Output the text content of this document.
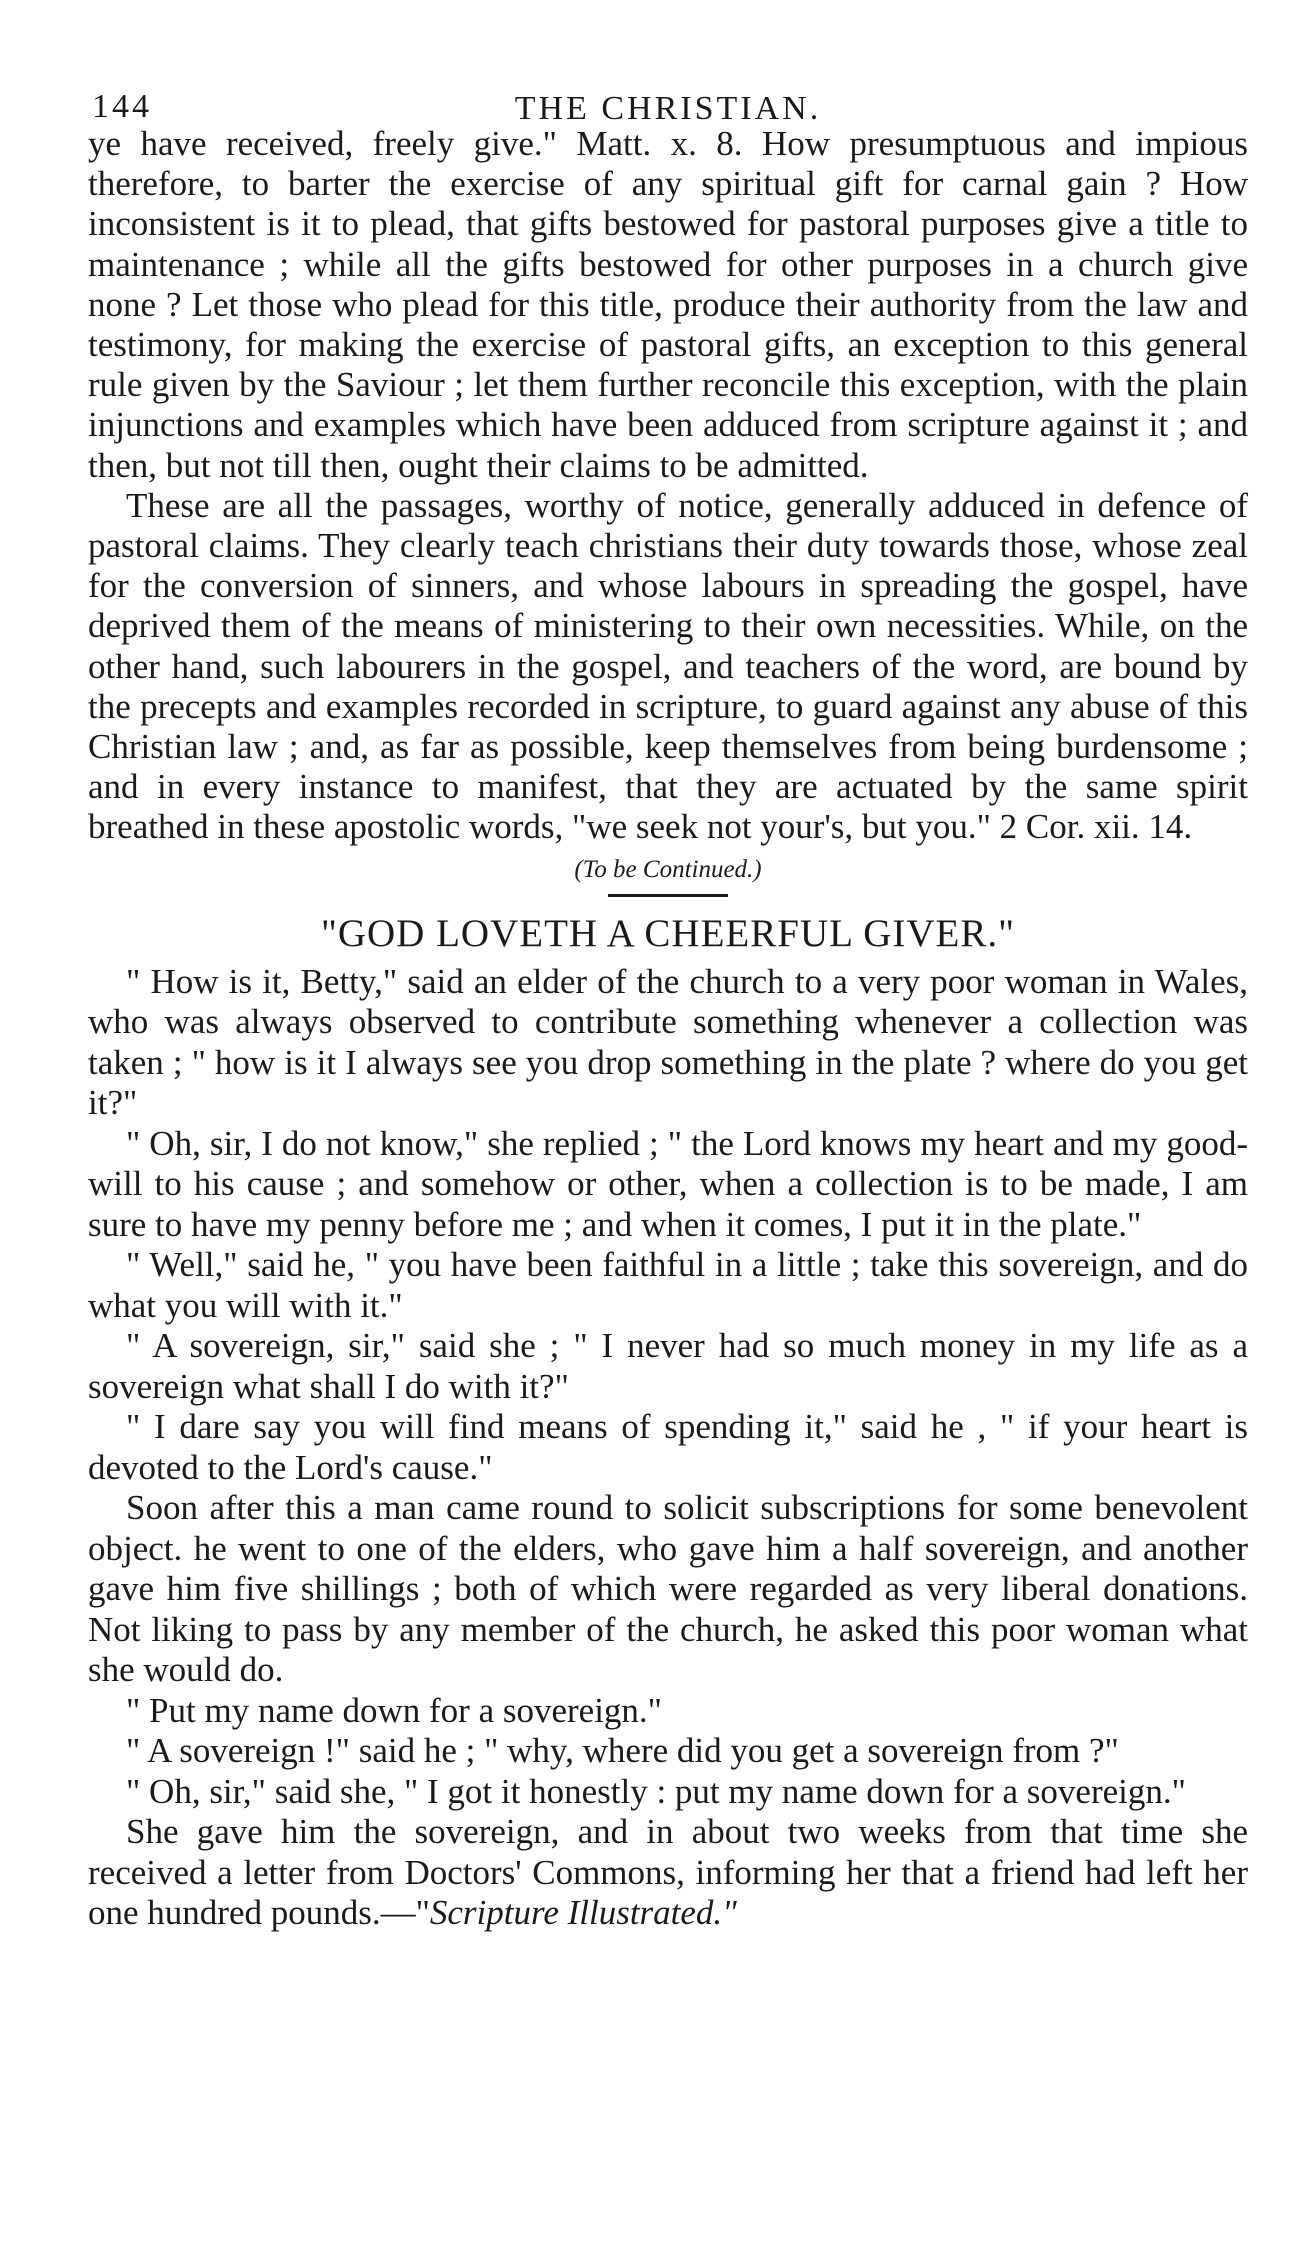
144	THE CHRISTIAN.

ye have received, freely give." Matt. x. 8. How presumptuous and impious therefore, to barter the exercise of any spiritual gift for carnal gain ? How inconsistent is it to plead, that gifts bestowed for pastoral purposes give a title to maintenance ; while all the gifts bestowed for other purposes in a church give none ? Let those who plead for this title, produce their authority from the law and testimony, for making the exercise of pastoral gifts, an exception to this general rule given by the Saviour ; let them further reconcile this exception, with the plain injunctions and examples which have been adduced from scripture against it ; and then, but not till then, ought their claims to be admitted.

These are all the passages, worthy of notice, generally adduced in defence of pastoral claims. They clearly teach christians their duty towards those, whose zeal for the conversion of sinners, and whose labours in spreading the gospel, have deprived them of the means of ministering to their own necessities. While, on the other hand, such labourers in the gospel, and teachers of the word, are bound by the precepts and examples recorded in scripture, to guard against any abuse of this Christian law ; and, as far as possible, keep themselves from being burdensome ; and in every instance to manifest, that they are actuated by the same spirit breathed in these apostolic words, "we seek not your's, but you." 2 Cor. xii. 14.

(To be Continued.)
"GOD LOVETH A CHEERFUL GIVER."

" How is it, Betty," said an elder of the church to a very poor woman in Wales, who was always observed to contribute something whenever a collection was taken ; " how is it I always see you drop something in the plate ? where do you get it?"

" Oh, sir, I do not know," she replied ; " the Lord knows my heart and my good-will to his cause ; and somehow or other, when a collection is to be made, I am sure to have my penny before me ; and when it comes, I put it in the plate."

" Well," said he, " you have been faithful in a little ; take this sovereign, and do what you will with it."

" A sovereign, sir," said she ; " I never had so much money in my life as a sovereign what shall I do with it?"

" I dare say you will find means of spending it," said he , " if your heart is devoted to the Lord's cause."

Soon after this a man came round to solicit subscriptions for some benevolent object. he went to one of the elders, who gave him a half sovereign, and another gave him five shillings ; both of which were regarded as very liberal donations. Not liking to pass by any member of the church, he asked this poor woman what she would do.

" Put my name down for a sovereign."

" A sovereign !" said he ; " why, where did you get a sovereign from ?"

" Oh, sir," said she, " I got it honestly : put my name down for a sovereign."

She gave him the sovereign, and in about two weeks from that time she received a letter from Doctors' Commons, informing her that a friend had left her one hundred pounds.—"Scripture Illustrated."
